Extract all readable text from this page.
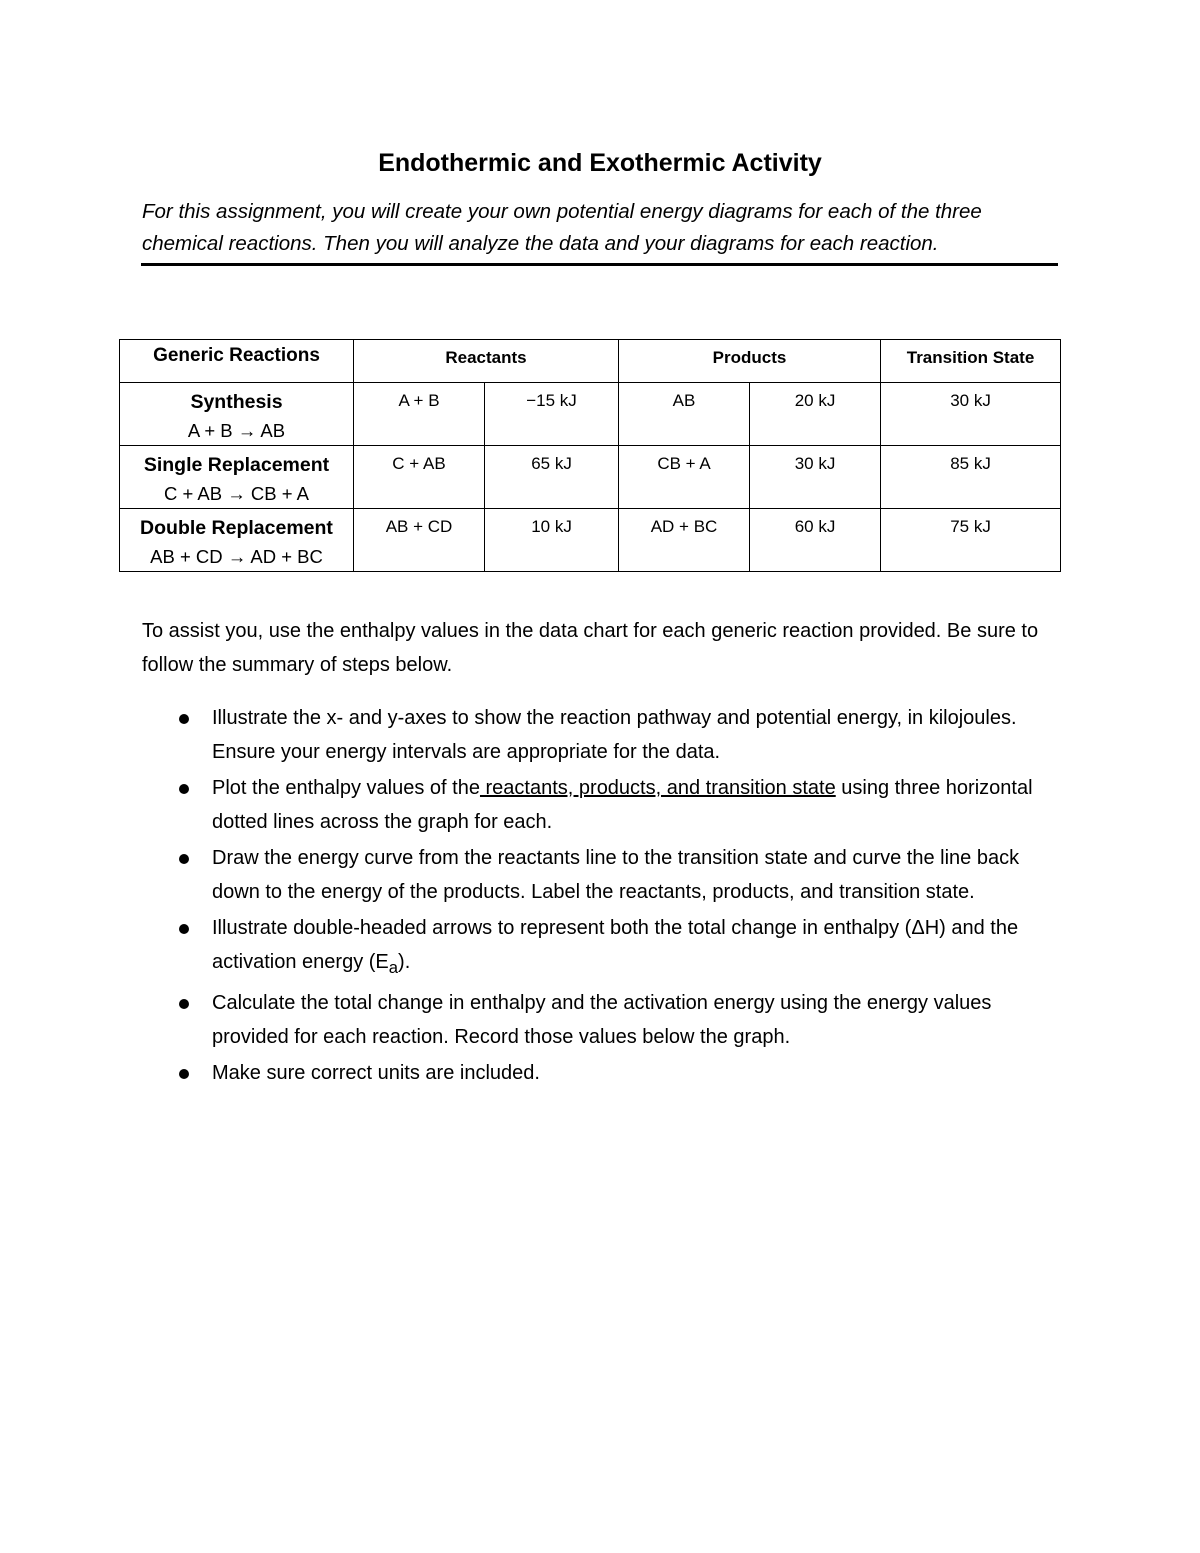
Endothermic and Exothermic Activity

For this assignment, you will create your own potential energy diagrams for each of the three chemical reactions. Then you will analyze the data and your diagrams for each reaction.

Generic Reactions	Reactants		Products		Transition State

Synthesis
A + B → AB	A + B	−15 kJ	AB	20 kJ	30 kJ

Single Replacement
C + AB → CB + A	C + AB	65 kJ	CB + A	30 kJ	85 kJ

Double Replacement
AB + CD → AD + BC	AB + CD	10 kJ	AD + BC	60 kJ	75 kJ

To assist you, use the enthalpy values in the data chart for each generic reaction provided. Be sure to follow the summary of steps below.

Illustrate the x- and y-axes to show the reaction pathway and potential energy, in kilojoules. Ensure your energy intervals are appropriate for the data.
Plot the enthalpy values of the reactants, products, and transition state using three horizontal dotted lines across the graph for each.
Draw the energy curve from the reactants line to the transition state and curve the line back down to the energy of the products. Label the reactants, products, and transition state.
Illustrate double-headed arrows to represent both the total change in enthalpy (ΔH) and the activation energy $(E_a)$.
Calculate the total change in enthalpy and the activation energy using the energy values provided for each reaction. Record those values below the graph.
Make sure correct units are included.
